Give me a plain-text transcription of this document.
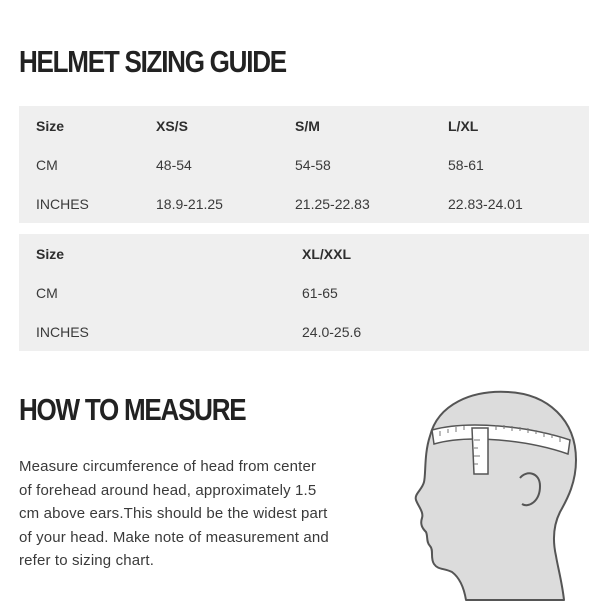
HELMET SIZING GUIDE
Size	XS/S	S/M	L/XL
CM	48-54	54-58	58-61
INCHES	18.9-21.25	21.25-22.83	22.83-24.01
Size	XL/XXL
CM	61-65
INCHES	24.0-25.6
HOW TO MEASURE

Measure circumference of head from center
of forehead around head, approximately 1.5
cm above ears.This should be the widest part
of your head. Make note of measurement and
refer to sizing chart.
